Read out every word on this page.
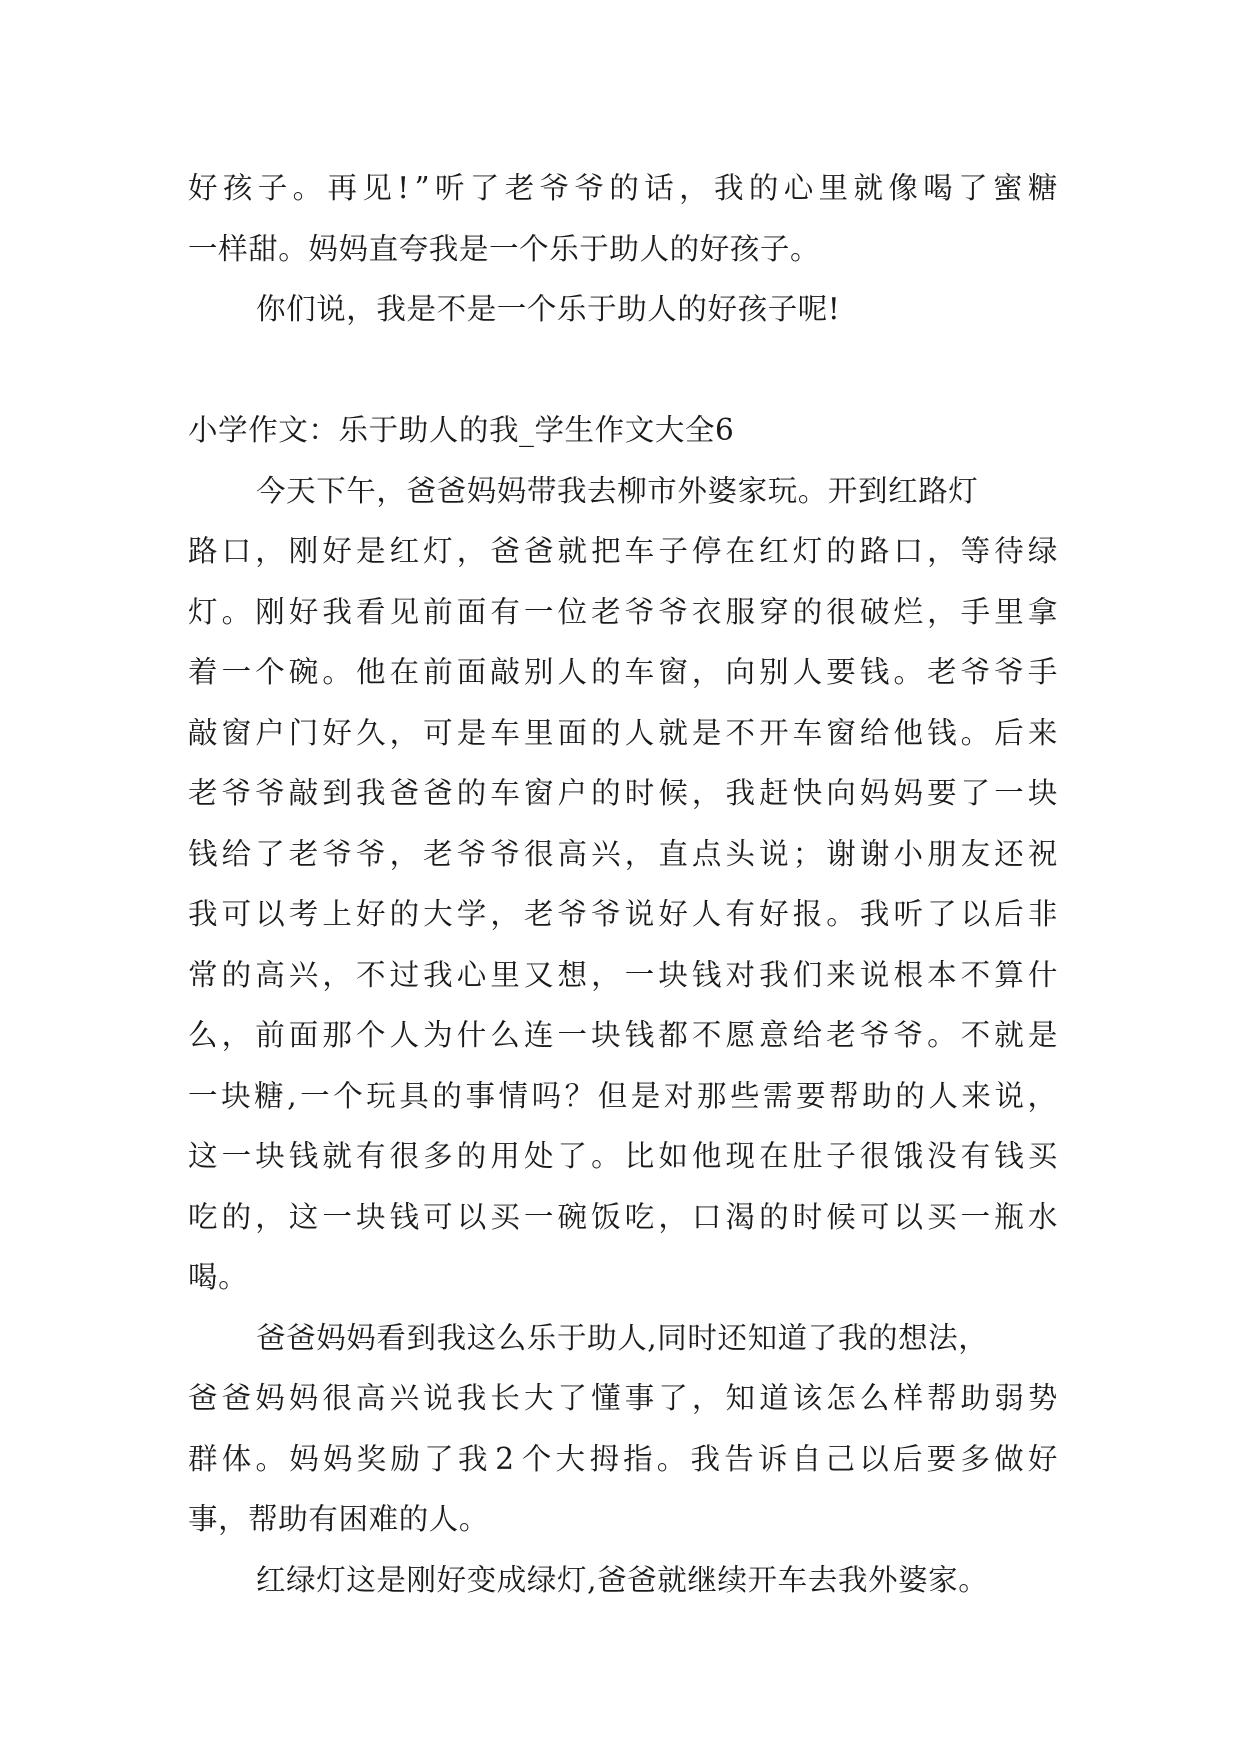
好 孩 子 。 再 见 ! ” 听 了 老 爷 爷 的 话 ， 我 的 心 里 就 像 喝 了 蜜 糖
一样甜。妈妈直夸我是一个乐于助人的好孩子。
你们说，我是不是一个乐于助人的好孩子呢!
小学作文：乐于助人的我_学生作文大全6
今天下午，爸爸妈妈带我去柳市外婆家玩。开到红路灯
路 口 ， 刚 好 是 红 灯 ， 爸 爸 就 把 车 子 停 在 红 灯 的 路 口 ， 等 待 绿
灯 。 刚 好 我 看 见 前 面 有 一 位 老 爷 爷 衣 服 穿 的 很 破 烂 ， 手 里 拿
着 一 个 碗 。 他 在 前 面 敲 别 人 的 车 窗 ， 向 别 人 要 钱 。 老 爷 爷 手
敲 窗 户 门 好 久 ， 可 是 车 里 面 的 人 就 是 不 开 车 窗 给 他 钱 。 后 来
老 爷 爷 敲 到 我 爸 爸 的 车 窗 户 的 时 候 ， 我 赶 快 向 妈 妈 要 了 一 块
钱 给 了 老 爷 爷 ， 老 爷 爷 很 高 兴 ， 直 点 头 说 ； 谢 谢 小 朋 友 还 祝
我 可 以 考 上 好 的 大 学 ， 老 爷 爷 说 好 人 有 好 报 。 我 听 了 以 后 非
常 的 高 兴 ， 不 过 我 心 里 又 想 ， 一 块 钱 对 我 们 来 说 根 本 不 算 什
么 ， 前 面 那 个 人 为 什 么 连 一 块 钱 都 不 愿 意 给 老 爷 爷 。 不 就 是
一 块 糖 , 一 个 玩 具 的 事 情 吗 ？ 但 是 对 那 些 需 要 帮 助 的 人 来 说 ，
这 一 块 钱 就 有 很 多 的 用 处 了 。 比 如 他 现 在 肚 子 很 饿 没 有 钱 买
吃 的 ， 这 一 块 钱 可 以 买 一 碗 饭 吃 ， 口 渴 的 时 候 可 以 买 一 瓶 水
喝。
爸爸妈妈看到我这么乐于助人,同时还知道了我的想法，
爸 爸 妈 妈 很 高 兴 说 我 长 大 了 懂 事 了 ， 知 道 该 怎 么 样 帮 助 弱 势
群 体 。 妈 妈 奖 励 了 我 2 个 大 拇 指 。 我 告 诉 自 己 以 后 要 多 做 好
事，帮助有困难的人。
红绿灯这是刚好变成绿灯,爸爸就继续开车去我外婆家。
